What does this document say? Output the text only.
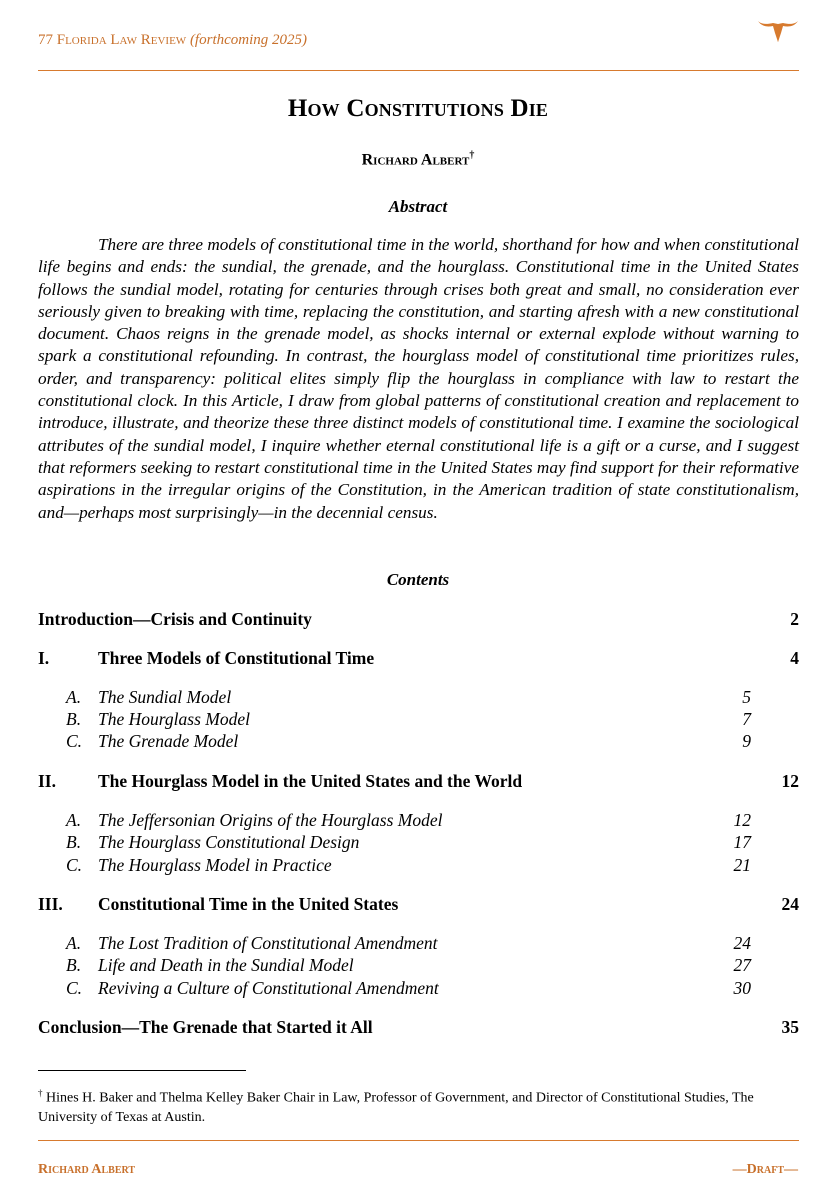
77 Florida Law Review (forthcoming 2025)
How Constitutions Die
Richard Albert†
Abstract

There are three models of constitutional time in the world, shorthand for how and when constitutional life begins and ends: the sundial, the grenade, and the hourglass. Constitutional time in the United States follows the sundial model, rotating for centuries through crises both great and small, no consideration ever seriously given to breaking with time, replacing the constitution, and starting afresh with a new constitutional document. Chaos reigns in the grenade model, as shocks internal or external explode without warning to spark a constitutional refounding. In contrast, the hourglass model of constitutional time prioritizes rules, order, and transparency: political elites simply flip the hourglass in compliance with law to restart the constitutional clock. In this Article, I draw from global patterns of constitutional creation and replacement to introduce, illustrate, and theorize these three distinct models of constitutional time. I examine the sociological attributes of the sundial model, I inquire whether eternal constitutional life is a gift or a curse, and I suggest that reformers seeking to restart constitutional time in the United States may find support for their reformative aspirations in the irregular origins of the Constitution, in the American tradition of state constitutionalism, and—perhaps most surprisingly—in the decennial census.

Contents
Introduction—Crisis and Continuity	2
I.	Three Models of Constitutional Time	4
A. The Sundial Model	5
B. The Hourglass Model	7
C. The Grenade Model	9
II. The Hourglass Model in the United States and the World	12
A. The Jeffersonian Origins of the Hourglass Model	12
B. The Hourglass Constitutional Design	17
C. The Hourglass Model in Practice	21
III. Constitutional Time in the United States	24
A. The Lost Tradition of Constitutional Amendment	24
B. Life and Death in the Sundial Model	27
C. Reviving a Culture of Constitutional Amendment	30
Conclusion—The Grenade that Started it All	35

† Hines H. Baker and Thelma Kelley Baker Chair in Law, Professor of Government, and Director of Constitutional Studies, The University of Texas at Austin.

Richard Albert	—Draft—
